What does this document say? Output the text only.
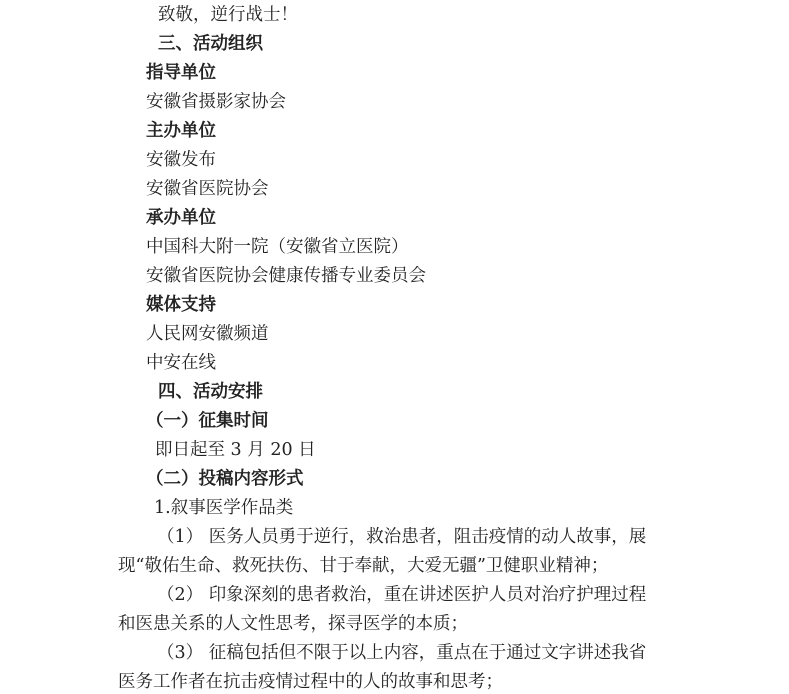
致敬，逆行战士！
三、活动组织
指导单位
安徽省摄影家协会
主办单位
安徽发布
安徽省医院协会
承办单位
中国科大附一院（安徽省立医院）
安徽省医院协会健康传播专业委员会
媒体支持
人民网安徽频道
中安在线
四、活动安排
（一）征集时间
即日起至 3 月 20 日
（二）投稿内容形式
1.叙事医学作品类
（1） 医务人员勇于逆行，救治患者，阻击疫情的动人故事，展
现“敬佑生命、救死扶伤、甘于奉献，大爱无疆”卫健职业精神；
（2） 印象深刻的患者救治，重在讲述医护人员对治疗护理过程
和医患关系的人文性思考，探寻医学的本质；
（3） 征稿包括但不限于以上内容，重点在于通过文字讲述我省
医务工作者在抗击疫情过程中的人的故事和思考；
